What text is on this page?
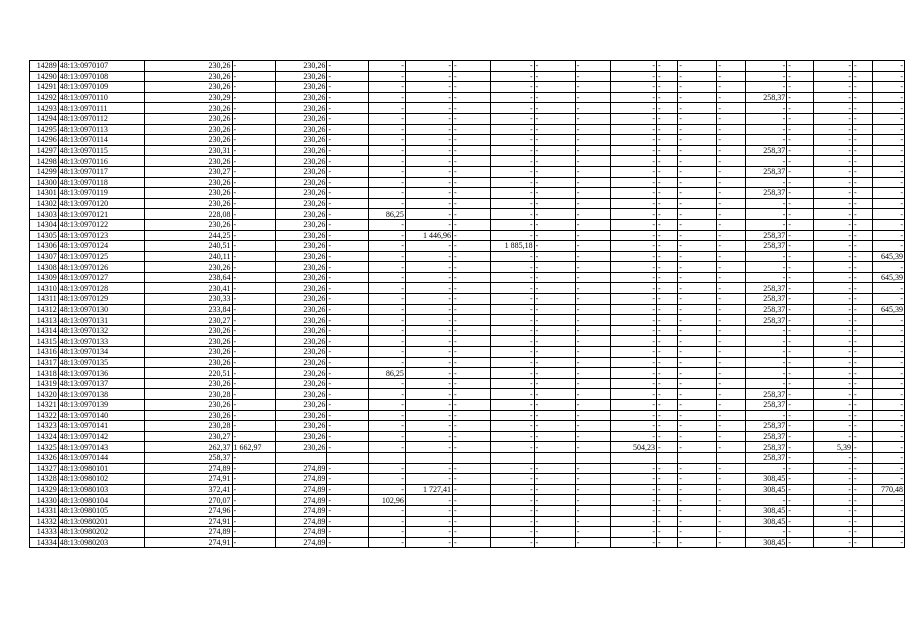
14289	48:13:0970107	230,26	-	230,26	-	-	-	-	-	-	-	-	-	-	-	-	-	-	-	-
14290	48:13:0970108	230,26	-	230,26	-	-	-	-	-	-	-	-	-	-	-	-	-	-	-	-
14291	48:13:0970109	230,26	-	230,26	-	-	-	-	-	-	-	-	-	-	-	-	-	-	-	-
14292	48:13:0970110	230,29	-	230,26	-	-	-	-	-	-	-	-	-	-	-	258,37	-	-	-	-
14293	48:13:0970111	230,26	-	230,26	-	-	-	-	-	-	-	-	-	-	-	-	-	-	-	-
14294	48:13:0970112	230,26	-	230,26	-	-	-	-	-	-	-	-	-	-	-	-	-	-	-	-
14295	48:13:0970113	230,26	-	230,26	-	-	-	-	-	-	-	-	-	-	-	-	-	-	-	-
14296	48:13:0970114	230,26	-	230,26	-	-	-	-	-	-	-	-	-	-	-	-	-	-	-	-
14297	48:13:0970115	230,31	-	230,26	-	-	-	-	-	-	-	-	-	-	-	258,37	-	-	-	-
14298	48:13:0970116	230,26	-	230,26	-	-	-	-	-	-	-	-	-	-	-	-	-	-	-	-
14299	48:13:0970117	230,27	-	230,26	-	-	-	-	-	-	-	-	-	-	-	258,37	-	-	-	-
14300	48:13:0970118	230,26	-	230,26	-	-	-	-	-	-	-	-	-	-	-	-	-	-	-	-
14301	48:13:0970119	230,26	-	230,26	-	-	-	-	-	-	-	-	-	-	-	258,37	-	-	-	-
14302	48:13:0970120	230,26	-	230,26	-	-	-	-	-	-	-	-	-	-	-	-	-	-	-	-
14303	48:13:0970121	228,08	-	230,26	-	86,25	-	-	-	-	-	-	-	-	-	-	-	-	-	-
14304	48:13:0970122	230,26	-	230,26	-	-	-	-	-	-	-	-	-	-	-	-	-	-	-	-
14305	48:13:0970123	244,25	-	230,26	-	-	1 446,96	-	-	-	-	-	-	-	-	258,37	-	-	-	-
14306	48:13:0970124	240,51	-	230,26	-	-	-	-	1 885,18	-	-	-	-	-	-	258,37	-	-	-	-
14307	48:13:0970125	240,11	-	230,26	-	-	-	-	-	-	-	-	-	-	-	-	-	-	-	645,39
14308	48:13:0970126	230,26	-	230,26	-	-	-	-	-	-	-	-	-	-	-	-	-	-	-	-
14309	48:13:0970127	238,64	-	230,26	-	-	-	-	-	-	-	-	-	-	-	-	-	-	-	645,39
14310	48:13:0970128	230,41	-	230,26	-	-	-	-	-	-	-	-	-	-	-	258,37	-	-	-	-
14311	48:13:0970129	230,33	-	230,26	-	-	-	-	-	-	-	-	-	-	-	258,37	-	-	-	-
14312	48:13:0970130	233,84	-	230,26	-	-	-	-	-	-	-	-	-	-	-	258,37	-	-	-	645,39
14313	48:13:0970131	230,27	-	230,26	-	-	-	-	-	-	-	-	-	-	-	258,37	-	-	-	-
14314	48:13:0970132	230,26	-	230,26	-	-	-	-	-	-	-	-	-	-	-	-	-	-	-	-
14315	48:13:0970133	230,26	-	230,26	-	-	-	-	-	-	-	-	-	-	-	-	-	-	-	-
14316	48:13:0970134	230,26	-	230,26	-	-	-	-	-	-	-	-	-	-	-	-	-	-	-	-
14317	48:13:0970135	230,26	-	230,26	-	-	-	-	-	-	-	-	-	-	-	-	-	-	-	-
14318	48:13:0970136	220,51	-	230,26	-	86,25	-	-	-	-	-	-	-	-	-	-	-	-	-	-
14319	48:13:0970137	230,26	-	230,26	-	-	-	-	-	-	-	-	-	-	-	-	-	-	-	-
14320	48:13:0970138	230,28	-	230,26	-	-	-	-	-	-	-	-	-	-	-	258,37	-	-	-	-
14321	48:13:0970139	230,26	-	230,26	-	-	-	-	-	-	-	-	-	-	-	258,37	-	-	-	-
14322	48:13:0970140	230,26	-	230,26	-	-	-	-	-	-	-	-	-	-	-	-	-	-	-	-
14323	48:13:0970141	230,28	-	230,26	-	-	-	-	-	-	-	-	-	-	-	258,37	-	-	-	-
14324	48:13:0970142	230,27	-	230,26	-	-	-	-	-	-	-	-	-	-	-	258,37	-	-	-	-
14325	48:13:0970143	262,37	1 662,97	230,26	-	-	-	-	-	-	-	504,23	-	-	-	258,37	-	5,39	-	-
14326	48:13:0970144	258,37	-													258,37	-	-	-	-
14327	48:13:0980101	274,89	-	274,89	-	-	-	-	-	-	-	-	-	-	-	-	-	-	-	-
14328	48:13:0980102	274,91	-	274,89	-	-	-	-	-	-	-	-	-	-	-	308,45	-	-	-	-
14329	48:13:0980103	372,41	-	274,89	-	-	1 727,41	-	-	-	-	-	-	-	-	308,45	-	-	-	770,48
14330	48:13:0980104	270,07	-	274,89	-	102,96	-	-	-	-	-	-	-	-	-	-	-	-	-	-
14331	48:13:0980105	274,96	-	274,89	-	-	-	-	-	-	-	-	-	-	-	308,45	-	-	-	-
14332	48:13:0980201	274,91	-	274,89	-	-	-	-	-	-	-	-	-	-	-	308,45	-	-	-	-
14333	48:13:0980202	274,89	-	274,89	-	-	-	-	-	-	-	-	-	-	-	-	-	-	-	-
14334	48:13:0980203	274,91	-	274,89	-	-	-	-	-	-	-	-	-	-	-	308,45	-	-	-	-
